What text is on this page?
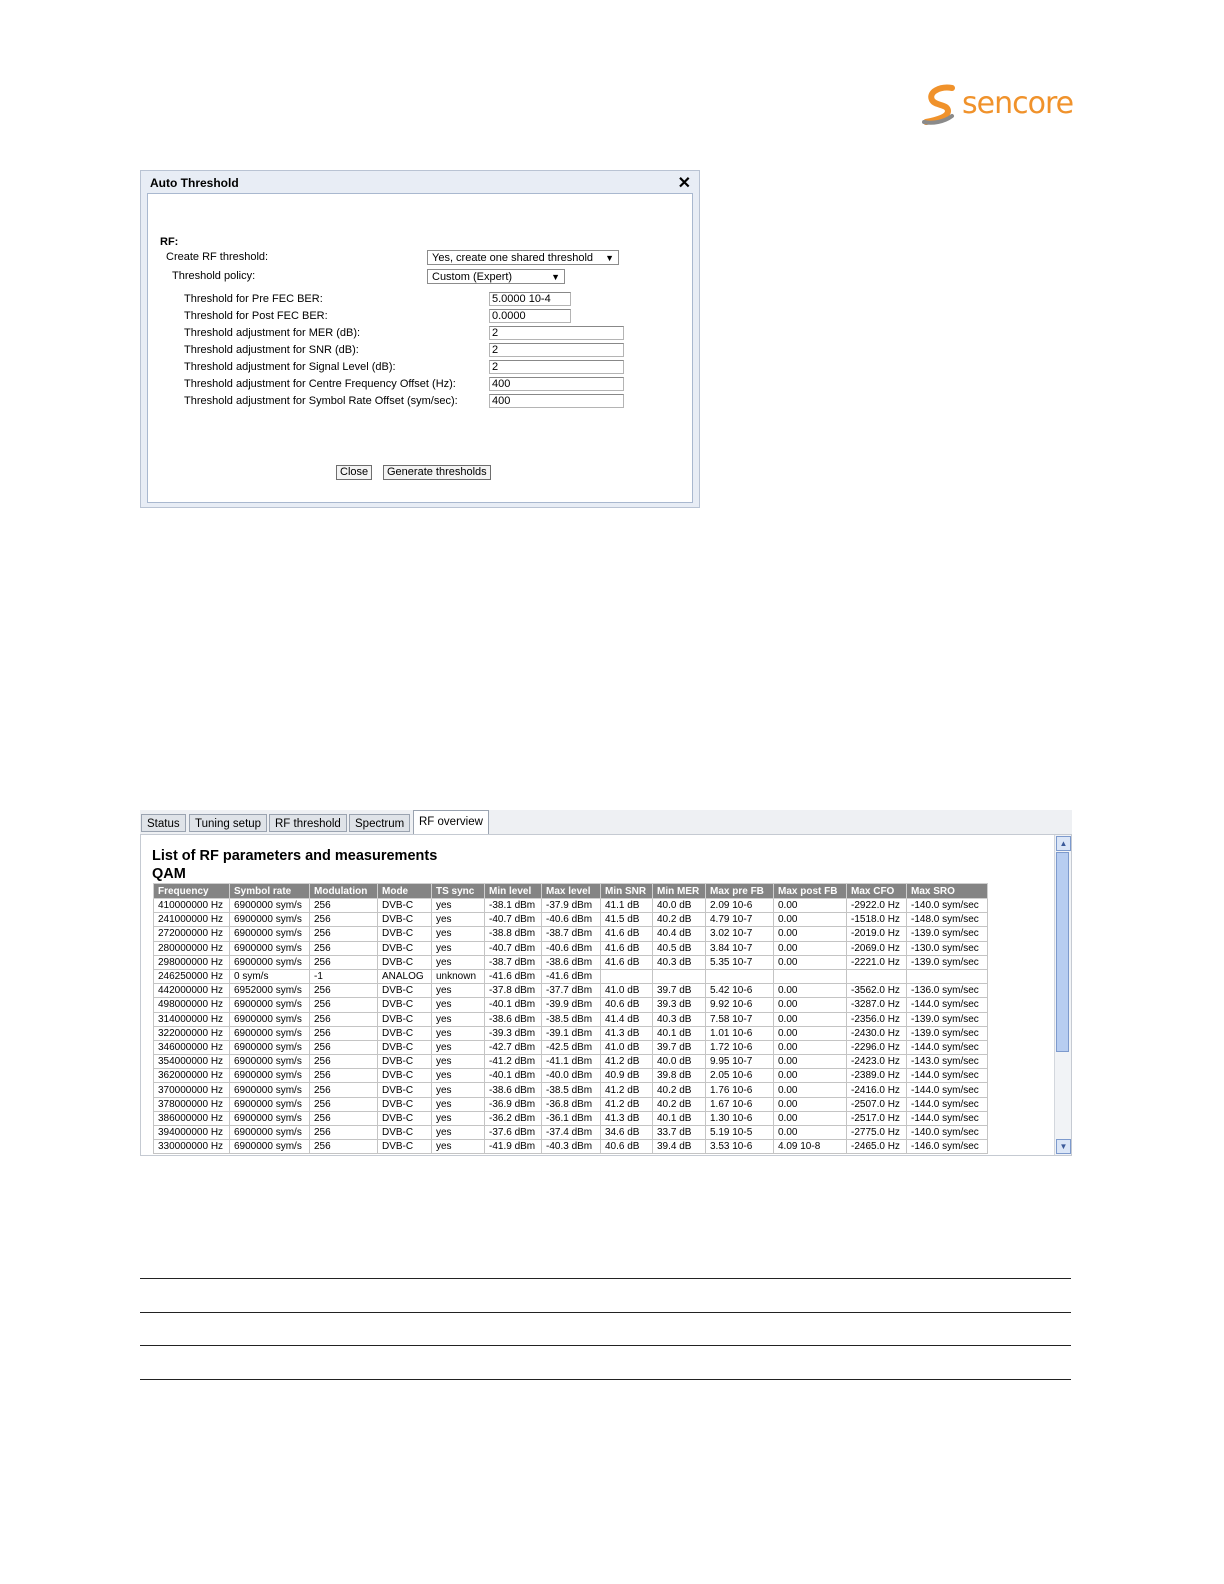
sencore
Auto Threshold	✕
RF:
Create RF threshold:	Yes, create one shared threshold ▼
Threshold policy:	Custom (Expert)	▼
Threshold for Pre FEC BER:
5.0000 10-4
Threshold for Post FEC BER:
0.0000
Threshold adjustment for MER (dB):
2
Threshold adjustment for SNR (dB):
2
Threshold adjustment for Signal Level (dB):
2
Threshold adjustment for Centre Frequency Offset (Hz):
400
Threshold adjustment for Symbol Rate Offset (sym/sec):
400
Close	Generate thresholds
Status	Tuning setup	RF threshold	Spectrum	RF overview
List of RF parameters and measurements
QAM
Frequency	Symbol rate	Modulation	Mode	TS sync	Min level	Max level	Min SNR	Min MER	Max pre FB	Max post FB	Max CFO	Max SRO
410000000 Hz	6900000 sym/s	256	DVB-C	yes	-38.1 dBm	-37.9 dBm	41.1 dB	40.0 dB	2.09 10-6	0.00	-2922.0 Hz	-140.0 sym/sec
241000000 Hz	6900000 sym/s	256	DVB-C	yes	-40.7 dBm	-40.6 dBm	41.5 dB	40.2 dB	4.79 10-7	0.00	-1518.0 Hz	-148.0 sym/sec
272000000 Hz	6900000 sym/s	256	DVB-C	yes	-38.8 dBm	-38.7 dBm	41.6 dB	40.4 dB	3.02 10-7	0.00	-2019.0 Hz	-139.0 sym/sec
280000000 Hz	6900000 sym/s	256	DVB-C	yes	-40.7 dBm	-40.6 dBm	41.6 dB	40.5 dB	3.84 10-7	0.00	-2069.0 Hz	-130.0 sym/sec
298000000 Hz	6900000 sym/s	256	DVB-C	yes	-38.7 dBm	-38.6 dBm	41.6 dB	40.3 dB	5.35 10-7	0.00	-2221.0 Hz	-139.0 sym/sec
246250000 Hz	0 sym/s	-1	ANALOG	unknown	-41.6 dBm	-41.6 dBm						
442000000 Hz	6952000 sym/s	256	DVB-C	yes	-37.8 dBm	-37.7 dBm	41.0 dB	39.7 dB	5.42 10-6	0.00	-3562.0 Hz	-136.0 sym/sec
498000000 Hz	6900000 sym/s	256	DVB-C	yes	-40.1 dBm	-39.9 dBm	40.6 dB	39.3 dB	9.92 10-6	0.00	-3287.0 Hz	-144.0 sym/sec
314000000 Hz	6900000 sym/s	256	DVB-C	yes	-38.6 dBm	-38.5 dBm	41.4 dB	40.3 dB	7.58 10-7	0.00	-2356.0 Hz	-139.0 sym/sec
322000000 Hz	6900000 sym/s	256	DVB-C	yes	-39.3 dBm	-39.1 dBm	41.3 dB	40.1 dB	1.01 10-6	0.00	-2430.0 Hz	-139.0 sym/sec
346000000 Hz	6900000 sym/s	256	DVB-C	yes	-42.7 dBm	-42.5 dBm	41.0 dB	39.7 dB	1.72 10-6	0.00	-2296.0 Hz	-144.0 sym/sec
354000000 Hz	6900000 sym/s	256	DVB-C	yes	-41.2 dBm	-41.1 dBm	41.2 dB	40.0 dB	9.95 10-7	0.00	-2423.0 Hz	-143.0 sym/sec
362000000 Hz	6900000 sym/s	256	DVB-C	yes	-40.1 dBm	-40.0 dBm	40.9 dB	39.8 dB	2.05 10-6	0.00	-2389.0 Hz	-144.0 sym/sec
370000000 Hz	6900000 sym/s	256	DVB-C	yes	-38.6 dBm	-38.5 dBm	41.2 dB	40.2 dB	1.76 10-6	0.00	-2416.0 Hz	-144.0 sym/sec
378000000 Hz	6900000 sym/s	256	DVB-C	yes	-36.9 dBm	-36.8 dBm	41.2 dB	40.2 dB	1.67 10-6	0.00	-2507.0 Hz	-144.0 sym/sec
386000000 Hz	6900000 sym/s	256	DVB-C	yes	-36.2 dBm	-36.1 dBm	41.3 dB	40.1 dB	1.30 10-6	0.00	-2517.0 Hz	-144.0 sym/sec
394000000 Hz	6900000 sym/s	256	DVB-C	yes	-37.6 dBm	-37.4 dBm	34.6 dB	33.7 dB	5.19 10-5	0.00	-2775.0 Hz	-140.0 sym/sec
330000000 Hz	6900000 sym/s	256	DVB-C	yes	-41.9 dBm	-40.3 dBm	40.6 dB	39.4 dB	3.53 10-6	4.09 10-8	-2465.0 Hz	-146.0 sym/sec
▲
▼
